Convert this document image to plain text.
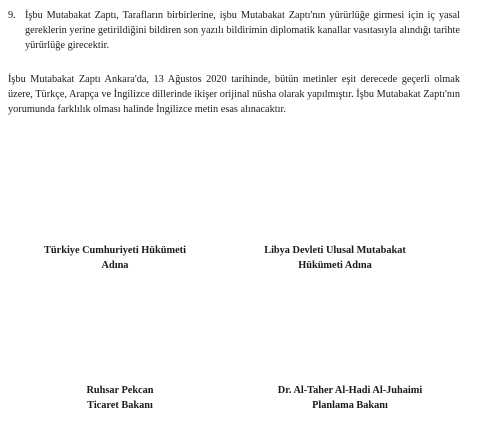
9. İşbu Mutabakat Zaptı, Tarafların birbirlerine, işbu Mutabakat Zaptı'nın yürürlüğe girmesi için iç yasal gereklerin yerine getirildiğini bildiren son yazılı bildirimin diplomatik kanallar vasıtasıyla alındığı tarihte yürürlüğe girecektir.

İşbu Mutabakat Zaptı Ankara'da, 13 Ağustos 2020 tarihinde, bütün metinler eşit derecede geçerli olmak üzere, Türkçe, Arapça ve İngilizce dillerinde ikişer orijinal nüsha olarak yapılmıştır. İşbu Mutabakat Zaptı'nın yorumunda farklılık olması halinde İngilizce metin esas alınacaktır.

Türkiye Cumhuriyeti Hükümeti
Adına
Libya Devleti Ulusal Mutabakat
Hükümeti Adına
Ruhsar Pekcan
Ticaret Bakanı
Dr. Al-Taher Al-Hadi Al-Juhaimi
Planlama Bakanı
